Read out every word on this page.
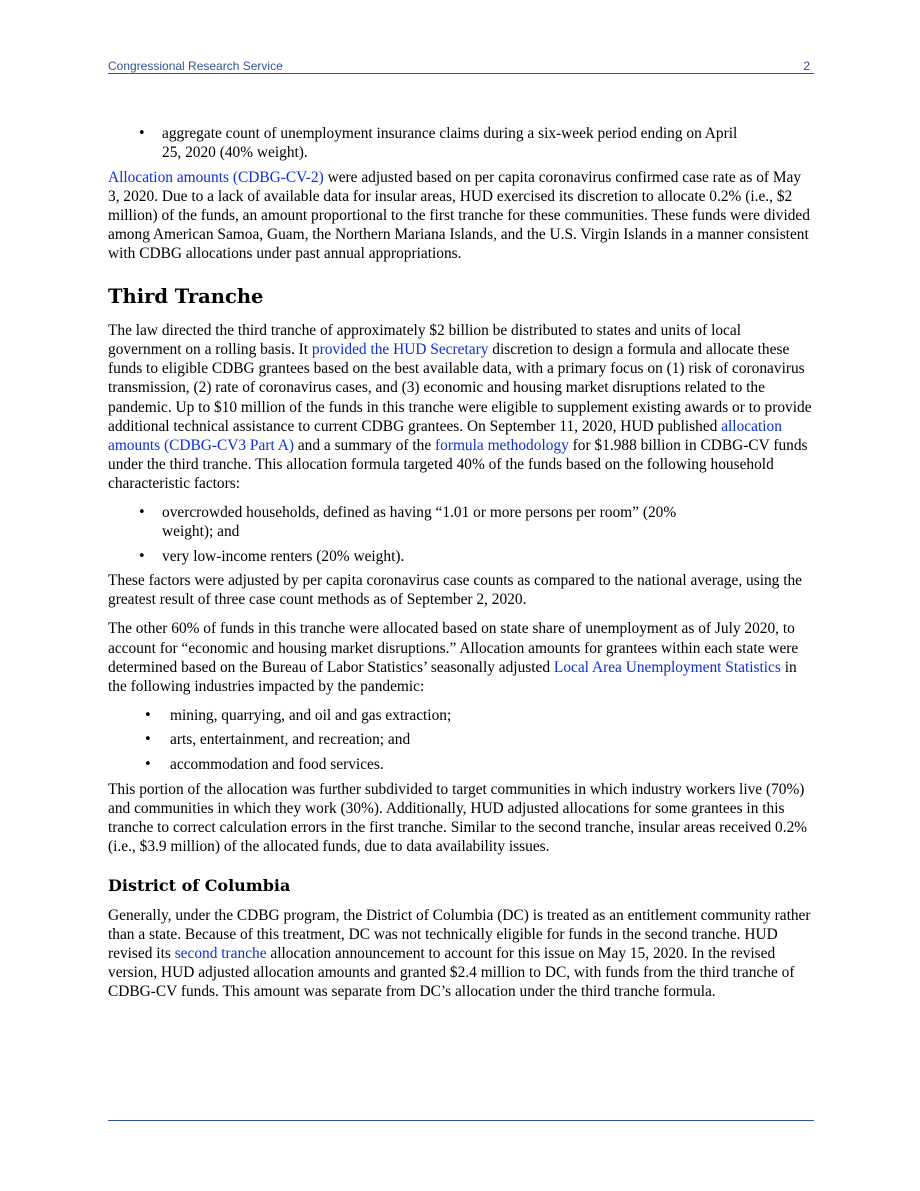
Congressional Research Service	2
• aggregate count of unemployment insurance claims during a six-week period ending on April 25, 2020 (40% weight).

Allocation amounts (CDBG-CV-2) were adjusted based on per capita coronavirus confirmed case rate as of May 3, 2020. Due to a lack of available data for insular areas, HUD exercised its discretion to allocate 0.2% (i.e., $2 million) of the funds, an amount proportional to the first tranche for these communities. These funds were divided among American Samoa, Guam, the Northern Mariana Islands, and the U.S. Virgin Islands in a manner consistent with CDBG allocations under past annual appropriations.

Third Tranche

The law directed the third tranche of approximately $2 billion be distributed to states and units of local government on a rolling basis. It provided the HUD Secretary discretion to design a formula and allocate these funds to eligible CDBG grantees based on the best available data, with a primary focus on (1) risk of coronavirus transmission, (2) rate of coronavirus cases, and (3) economic and housing market disruptions related to the pandemic. Up to $10 million of the funds in this tranche were eligible to supplement existing awards or to provide additional technical assistance to current CDBG grantees. On September 11, 2020, HUD published allocation amounts (CDBG-CV3 Part A) and a summary of the formula methodology for $1.988 billion in CDBG-CV funds under the third tranche. This allocation formula targeted 40% of the funds based on the following household characteristic factors:

• overcrowded households, defined as having “1.01 or more persons per room” (20% weight); and
• very low-income renters (20% weight).

These factors were adjusted by per capita coronavirus case counts as compared to the national average, using the greatest result of three case count methods as of September 2, 2020.

The other 60% of funds in this tranche were allocated based on state share of unemployment as of July 2020, to account for “economic and housing market disruptions.” Allocation amounts for grantees within each state were determined based on the Bureau of Labor Statistics’ seasonally adjusted Local Area Unemployment Statistics in the following industries impacted by the pandemic:

• mining, quarrying, and oil and gas extraction;
• arts, entertainment, and recreation; and
• accommodation and food services.

This portion of the allocation was further subdivided to target communities in which industry workers live (70%) and communities in which they work (30%). Additionally, HUD adjusted allocations for some grantees in this tranche to correct calculation errors in the first tranche. Similar to the second tranche, insular areas received 0.2% (i.e., $3.9 million) of the allocated funds, due to data availability issues.

District of Columbia

Generally, under the CDBG program, the District of Columbia (DC) is treated as an entitlement community rather than a state. Because of this treatment, DC was not technically eligible for funds in the second tranche. HUD revised its second tranche allocation announcement to account for this issue on May 15, 2020. In the revised version, HUD adjusted allocation amounts and granted $2.4 million to DC, with funds from the third tranche of CDBG-CV funds. This amount was separate from DC’s allocation under the third tranche formula.
